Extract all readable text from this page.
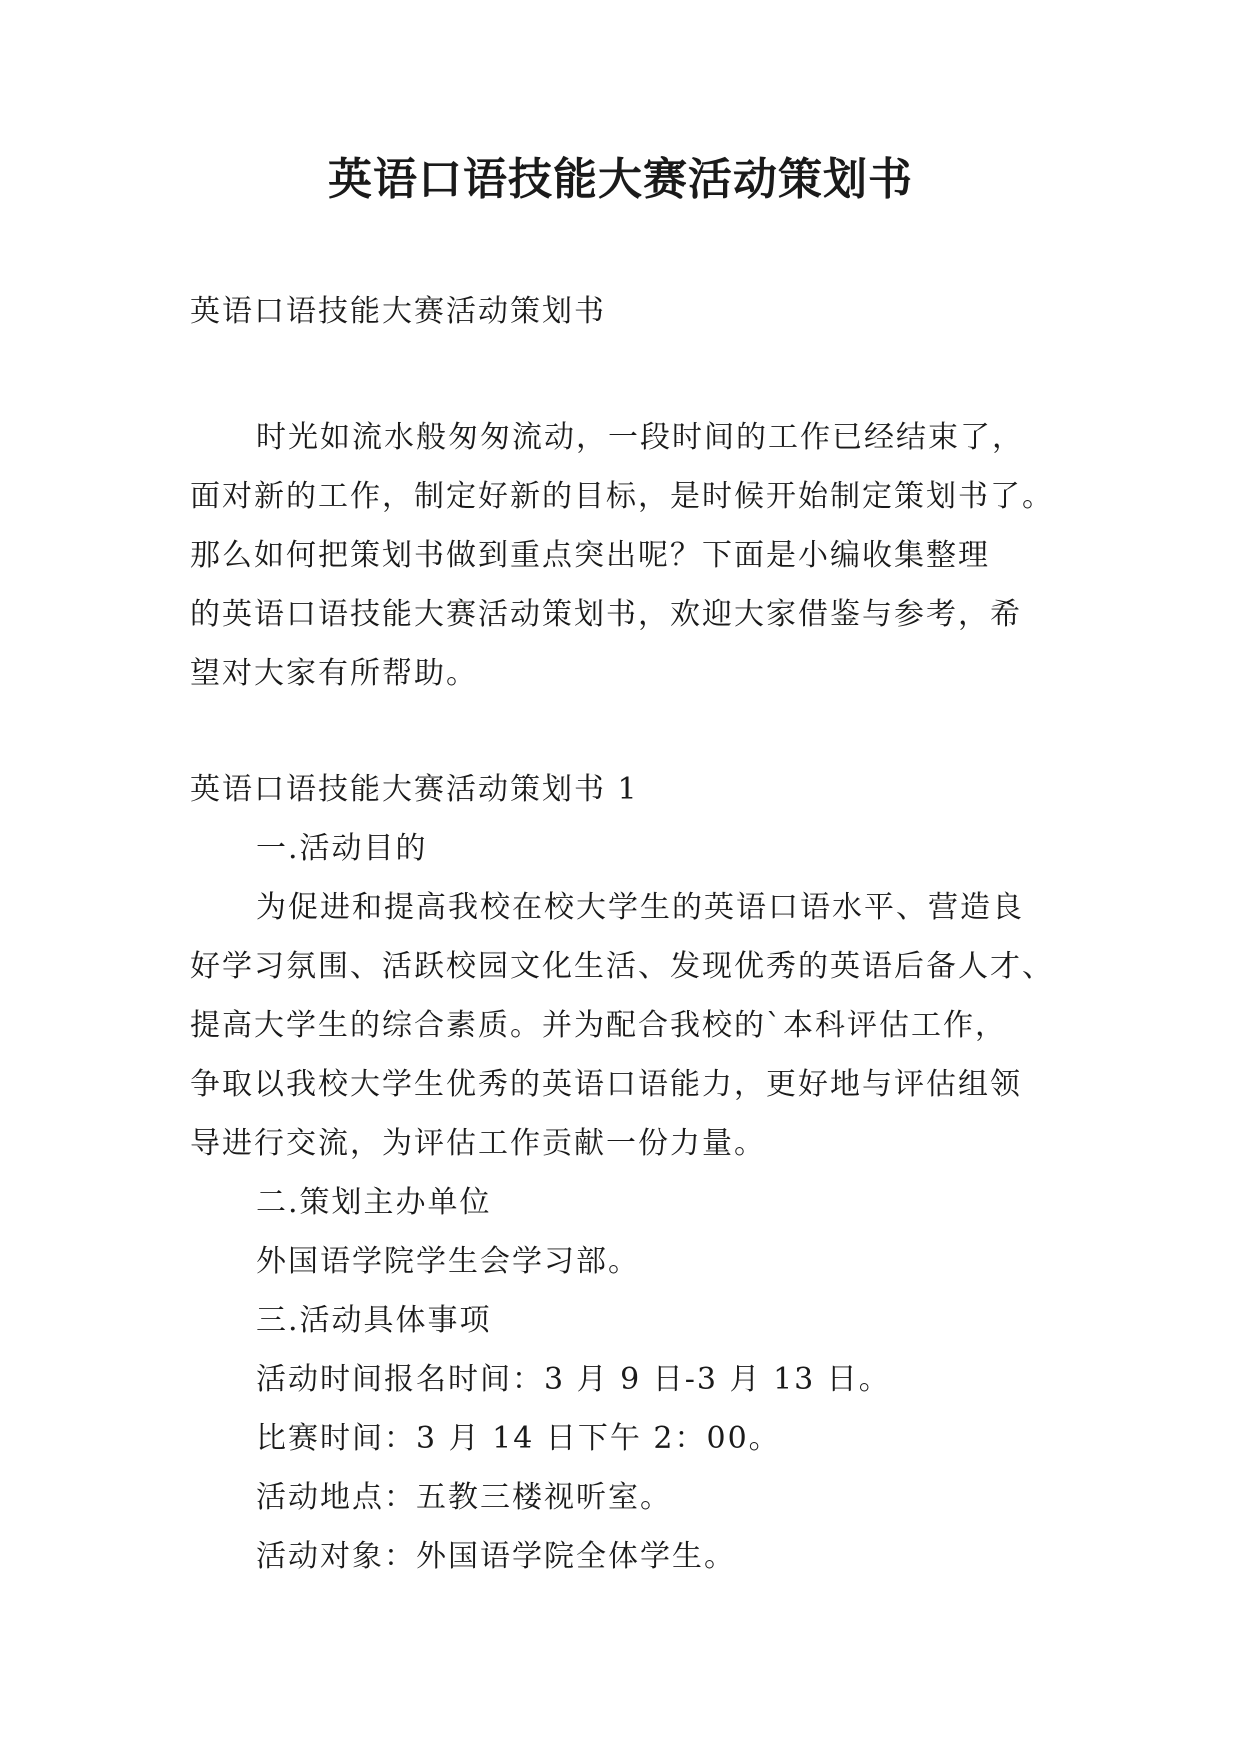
英语口语技能大赛活动策划书

英语口语技能大赛活动策划书

时光如流水般匆匆流动，一段时间的工作已经结束了，
面对新的工作，制定好新的目标，是时候开始制定策划书了。
那么如何把策划书做到重点突出呢？下面是小编收集整理
的英语口语技能大赛活动策划书，欢迎大家借鉴与参考，希
望对大家有所帮助。
英语口语技能大赛活动策划书 1
一.活动目的
为促进和提高我校在校大学生的英语口语水平、营造良
好学习氛围、活跃校园文化生活、发现优秀的英语后备人才、
提高大学生的综合素质。并为配合我校的`本科评估工作，
争取以我校大学生优秀的英语口语能力，更好地与评估组领
导进行交流，为评估工作贡献一份力量。
二.策划主办单位
外国语学院学生会学习部。
三.活动具体事项
活动时间报名时间：3 月 9 日-3 月 13 日。
比赛时间：3 月 14 日下午 2：00。
活动地点：五教三楼视听室。
活动对象：外国语学院全体学生。
